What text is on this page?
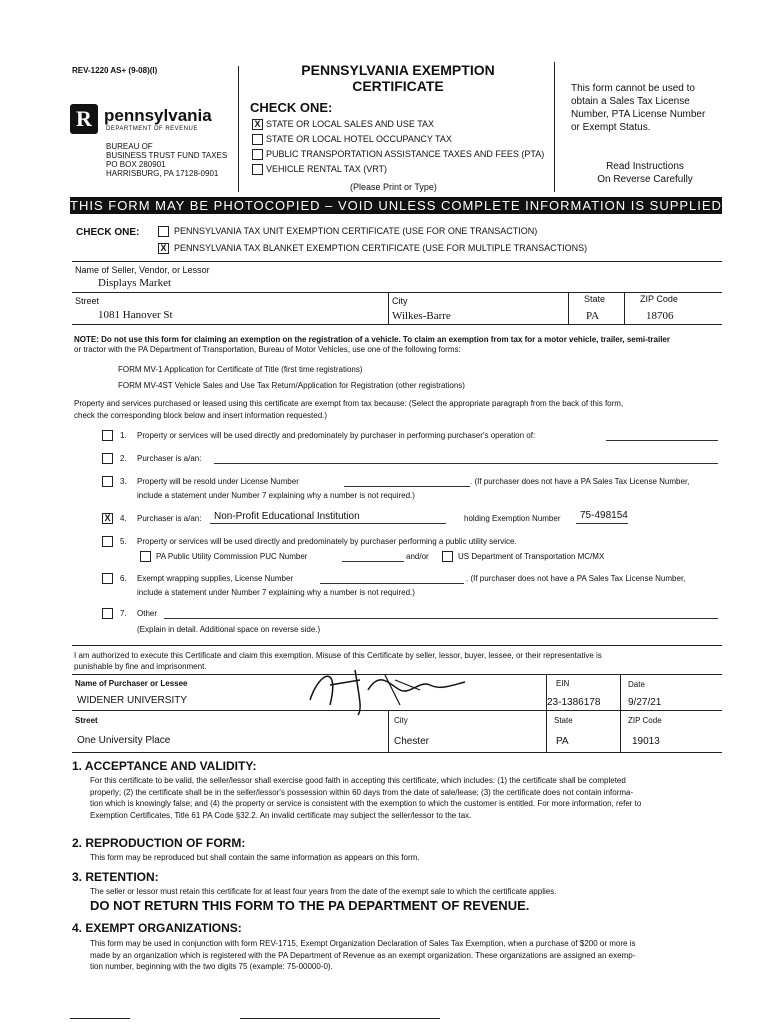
REV-1220 AS+ (9-08)(I)	PENNSYLVANIA EXEMPTION
CERTIFICATE
R pennsylvania
DEPARTMENT OF REVENUE
BUREAU OF
BUSINESS TRUST FUND TAXES
PO BOX 280901
HARRISBURG, PA 17128-0901
CHECK ONE:
X STATE OR LOCAL SALES AND USE TAX
STATE OR LOCAL HOTEL OCCUPANCY TAX
PUBLIC TRANSPORTATION ASSISTANCE TAXES AND FEES (PTA)
VEHICLE RENTAL TAX (VRT)
(Please Print or Type)
This form cannot be used to
obtain a Sales Tax License
Number, PTA License Number
or Exempt Status.
Read Instructions
On Reverse Carefully
THIS FORM MAY BE PHOTOCOPIED – VOID UNLESS COMPLETE INFORMATION IS SUPPLIED
CHECK ONE:	PENNSYLVANIA TAX UNIT EXEMPTION CERTIFICATE (USE FOR ONE TRANSACTION)
X PENNSYLVANIA TAX BLANKET EXEMPTION CERTIFICATE (USE FOR MULTIPLE TRANSACTIONS)
Name of Seller, Vendor, or Lessor
Displays Market
Street
1081 Hanover St
City
Wilkes-Barre
State
PA
ZIP Code
18706
NOTE: Do not use this form for claiming an exemption on the registration of a vehicle. To claim an exemption from tax for a motor vehicle, trailer, semi-trailer
or tractor with the PA Department of Transportation, Bureau of Motor Vehicles, use one of the following forms:
FORM MV-1 Application for Certificate of Title (first time registrations)
FORM MV-4ST Vehicle Sales and Use Tax Return/Application for Registration (other registrations)
Property and services purchased or leased using this certificate are exempt from tax because: (Select the appropriate paragraph from the back of this form,
check the corresponding block below and insert information requested.)
1. Property or services will be used directly and predominately by purchaser in performing purchaser's operation of:
2. Purchaser is a/an:
3. Property will be resold under License Number	. (If purchaser does not have a PA Sales Tax License Number,
include a statement under Number 7 explaining why a number is not required.)
X	4. Purchaser is a/an: Non-Profit Educational Institution	holding Exemption Number 75-498154
5. Property or services will be used directly and predominately by purchaser performing a public utility service.
PA Public Utility Commission PUC Number	and/or	US Department of Transportation MC/MX
6. Exempt wrapping supplies, License Number	. (If purchaser does not have a PA Sales Tax License Number,
include a statement under Number 7 explaining why a number is not required.)
7. Other
(Explain in detail. Additional space on reverse side.)
I am authorized to execute this Certificate and claim this exemption. Misuse of this Certificate by seller, lessor, buyer, lessee, or their representative is
punishable by fine and imprisonment.
Name of Purchaser or Lessee
WIDENER UNIVERSITY
EIN
23-1386178
Date
9/27/21
Street
One University Place
City
Chester
State
PA
ZIP Code
19013
1. ACCEPTANCE AND VALIDITY:
For this certificate to be valid, the seller/lessor shall exercise good faith in accepting this certificate, which includes: (1) the certificate shall be completed
properly; (2) the certificate shall be in the seller/lessor's possession within 60 days from the date of sale/lease; (3) the certificate does not contain informa-
tion which is knowingly false; and (4) the property or service is consistent with the exemption to which the customer is entitled. For more information, refer to
Exemption Certificates, Title 61 PA Code §32.2. An invalid certificate may subject the seller/lessor to the tax.
2. REPRODUCTION OF FORM:
This form may be reproduced but shall contain the same information as appears on this form.
3. RETENTION:
The seller or lessor must retain this certificate for at least four years from the date of the exempt sale to which the certificate applies.
DO NOT RETURN THIS FORM TO THE PA DEPARTMENT OF REVENUE.
4. EXEMPT ORGANIZATIONS:
This form may be used in conjunction with form REV-1715, Exempt Organization Declaration of Sales Tax Exemption, when a purchase of $200 or more is
made by an organization which is registered with the PA Department of Revenue as an exempt organization. These organizations are assigned an exemp-
tion number, beginning with the two digits 75 (example: 75-00000-0).
